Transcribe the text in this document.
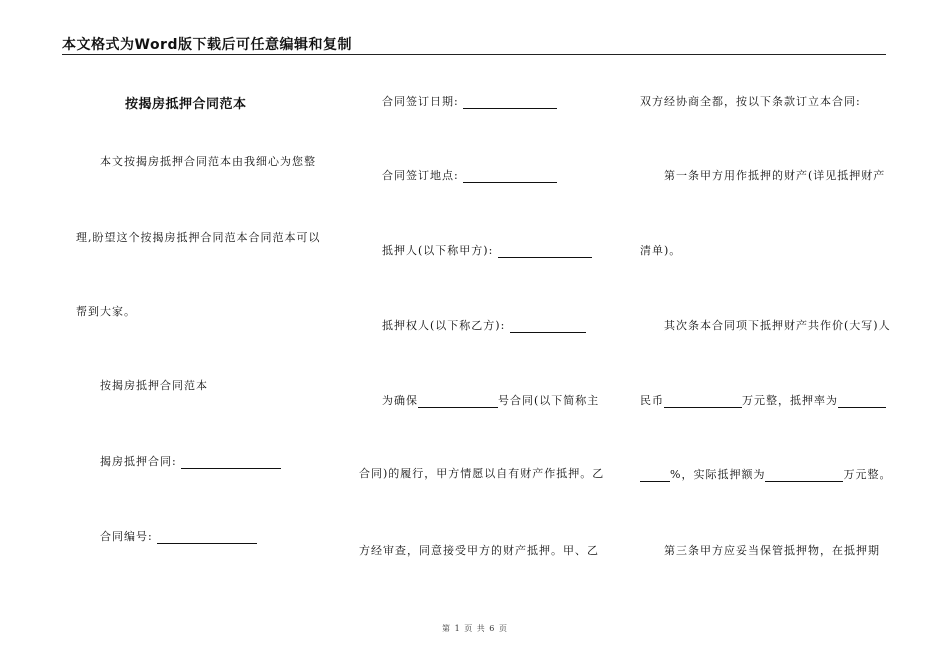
本文格式为Word版下载后可任意编辑和复制
按揭房抵押合同范本
本文按揭房抵押合同范本由我细心为您整
理,盼望这个按揭房抵押合同范本合同范本可以
帮到大家。
按揭房抵押合同范本
揭房抵押合同:
合同编号:
合同签订日期:
合同签订地点:
抵押人(以下称甲方):
抵押权人(以下称乙方):
为确保	号合同(以下简称主
合同)的履行，甲方情愿以自有财产作抵押。乙
方经审查，同意接受甲方的财产抵押。甲、乙
双方经协商全都，按以下条款订立本合同:
第一条甲方用作抵押的财产(详见抵押财产
清单)。
其次条本合同项下抵押财产共作价(大写)人
民币	万元整，抵押率为
%，实际抵押额为	万元整。
第三条甲方应妥当保管抵押物，在抵押期
第 1 页 共 6 页
